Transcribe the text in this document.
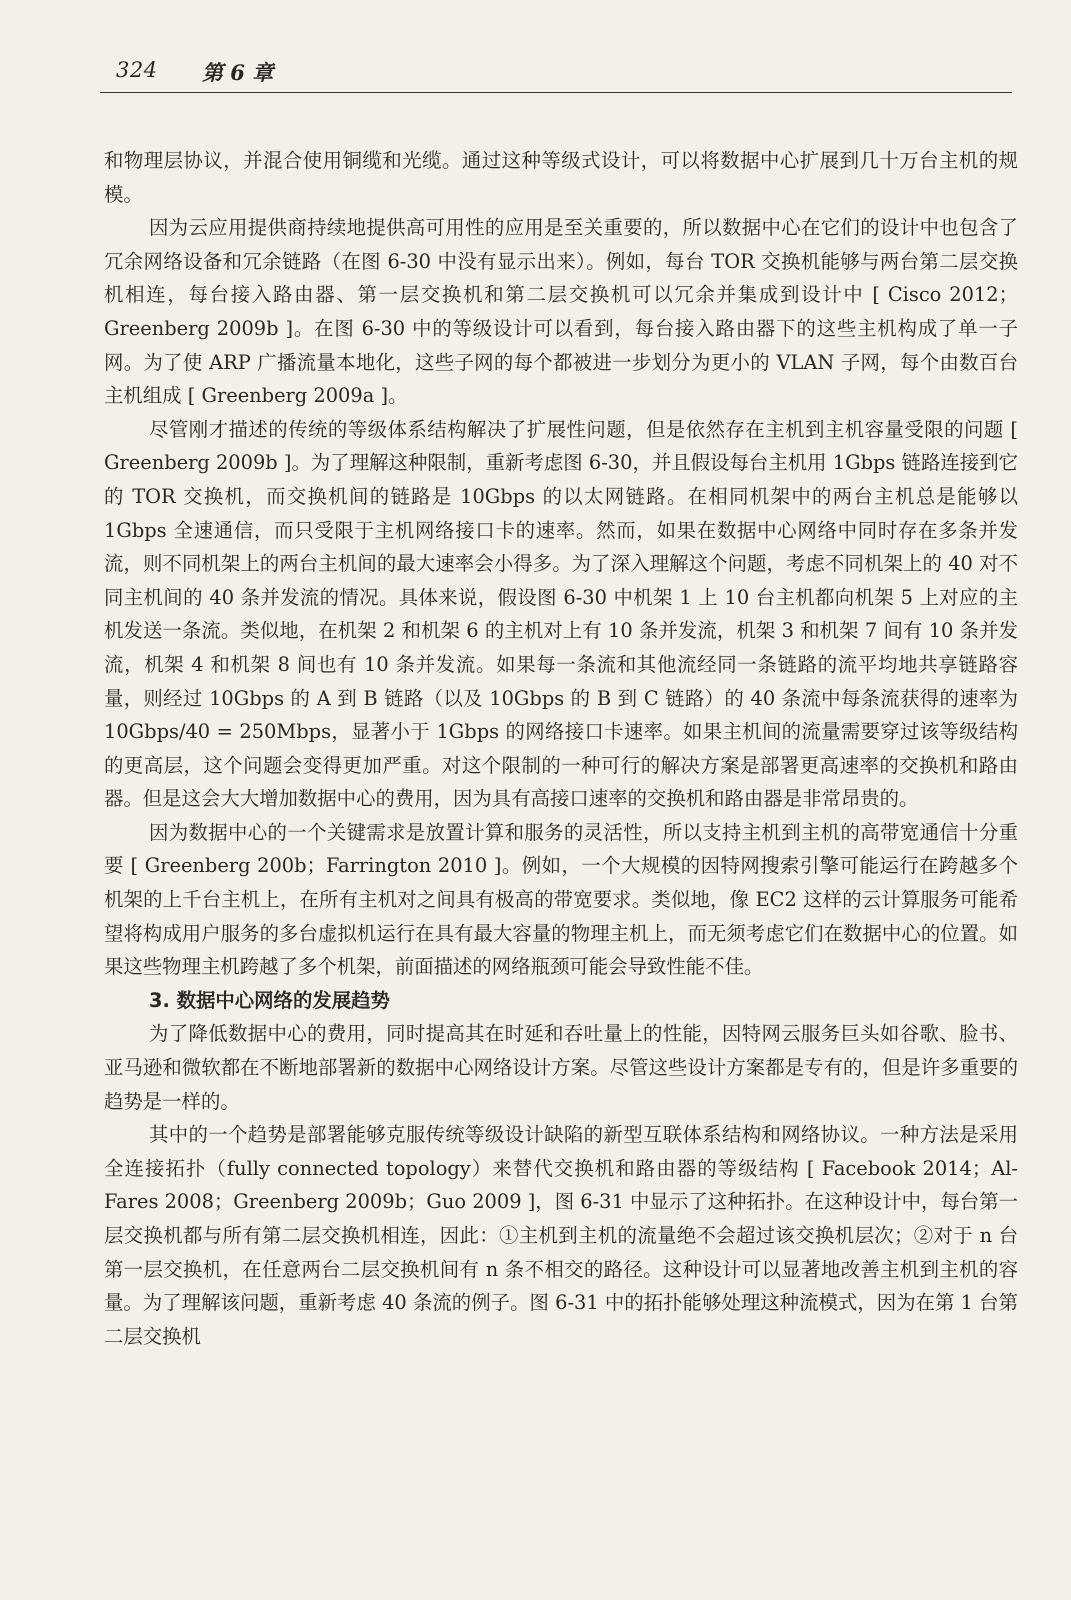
324 第 6 章

和物理层协议，并混合使用铜缆和光缆。通过这种等级式设计，可以将数据中心扩展到几十万台主机的规模。

因为云应用提供商持续地提供高可用性的应用是至关重要的，所以数据中心在它们的设计中也包含了冗余网络设备和冗余链路（在图 6-30 中没有显示出来）。例如，每台 TOR 交换机能够与两台第二层交换机相连，每台接入路由器、第一层交换机和第二层交换机可以冗余并集成到设计中 [ Cisco 2012；Greenberg 2009b ]。在图 6-30 中的等级设计可以看到，每台接入路由器下的这些主机构成了单一子网。为了使 ARP 广播流量本地化，这些子网的每个都被进一步划分为更小的 VLAN 子网，每个由数百台主机组成 [ Greenberg 2009a ]。

尽管刚才描述的传统的等级体系结构解决了扩展性问题，但是依然存在主机到主机容量受限的问题 [ Greenberg 2009b ]。为了理解这种限制，重新考虑图 6-30，并且假设每台主机用 1Gbps 链路连接到它的 TOR 交换机，而交换机间的链路是 10Gbps 的以太网链路。在相同机架中的两台主机总是能够以 1Gbps 全速通信，而只受限于主机网络接口卡的速率。然而，如果在数据中心网络中同时存在多条并发流，则不同机架上的两台主机间的最大速率会小得多。为了深入理解这个问题，考虑不同机架上的 40 对不同主机间的 40 条并发流的情况。具体来说，假设图 6-30 中机架 1 上 10 台主机都向机架 5 上对应的主机发送一条流。类似地，在机架 2 和机架 6 的主机对上有 10 条并发流，机架 3 和机架 7 间有 10 条并发流，机架 4 和机架 8 间也有 10 条并发流。如果每一条流和其他流经同一条链路的流平均地共享链路容量，则经过 10Gbps 的 A 到 B 链路（以及 10Gbps 的 B 到 C 链路）的 40 条流中每条流获得的速率为 10Gbps/40 = 250Mbps，显著小于 1Gbps 的网络接口卡速率。如果主机间的流量需要穿过该等级结构的更高层，这个问题会变得更加严重。对这个限制的一种可行的解决方案是部署更高速率的交换机和路由器。但是这会大大增加数据中心的费用，因为具有高接口速率的交换机和路由器是非常昂贵的。

因为数据中心的一个关键需求是放置计算和服务的灵活性，所以支持主机到主机的高带宽通信十分重要 [ Greenberg 200b；Farrington 2010 ]。例如，一个大规模的因特网搜索引擎可能运行在跨越多个机架的上千台主机上，在所有主机对之间具有极高的带宽要求。类似地，像 EC2 这样的云计算服务可能希望将构成用户服务的多台虚拟机运行在具有最大容量的物理主机上，而无须考虑它们在数据中心的位置。如果这些物理主机跨越了多个机架，前面描述的网络瓶颈可能会导致性能不佳。

3. 数据中心网络的发展趋势

为了降低数据中心的费用，同时提高其在时延和吞吐量上的性能，因特网云服务巨头如谷歌、脸书、亚马逊和微软都在不断地部署新的数据中心网络设计方案。尽管这些设计方案都是专有的，但是许多重要的趋势是一样的。

其中的一个趋势是部署能够克服传统等级设计缺陷的新型互联体系结构和网络协议。一种方法是采用全连接拓扑（fully connected topology）来替代交换机和路由器的等级结构 [ Facebook 2014；Al-Fares 2008；Greenberg 2009b；Guo 2009 ]，图 6-31 中显示了这种拓扑。在这种设计中，每台第一层交换机都与所有第二层交换机相连，因此：①主机到主机的流量绝不会超过该交换机层次；②对于 n 台第一层交换机，在任意两台二层交换机间有 n 条不相交的路径。这种设计可以显著地改善主机到主机的容量。为了理解该问题，重新考虑 40 条流的例子。图 6-31 中的拓扑能够处理这种流模式，因为在第 1 台第二层交换机
